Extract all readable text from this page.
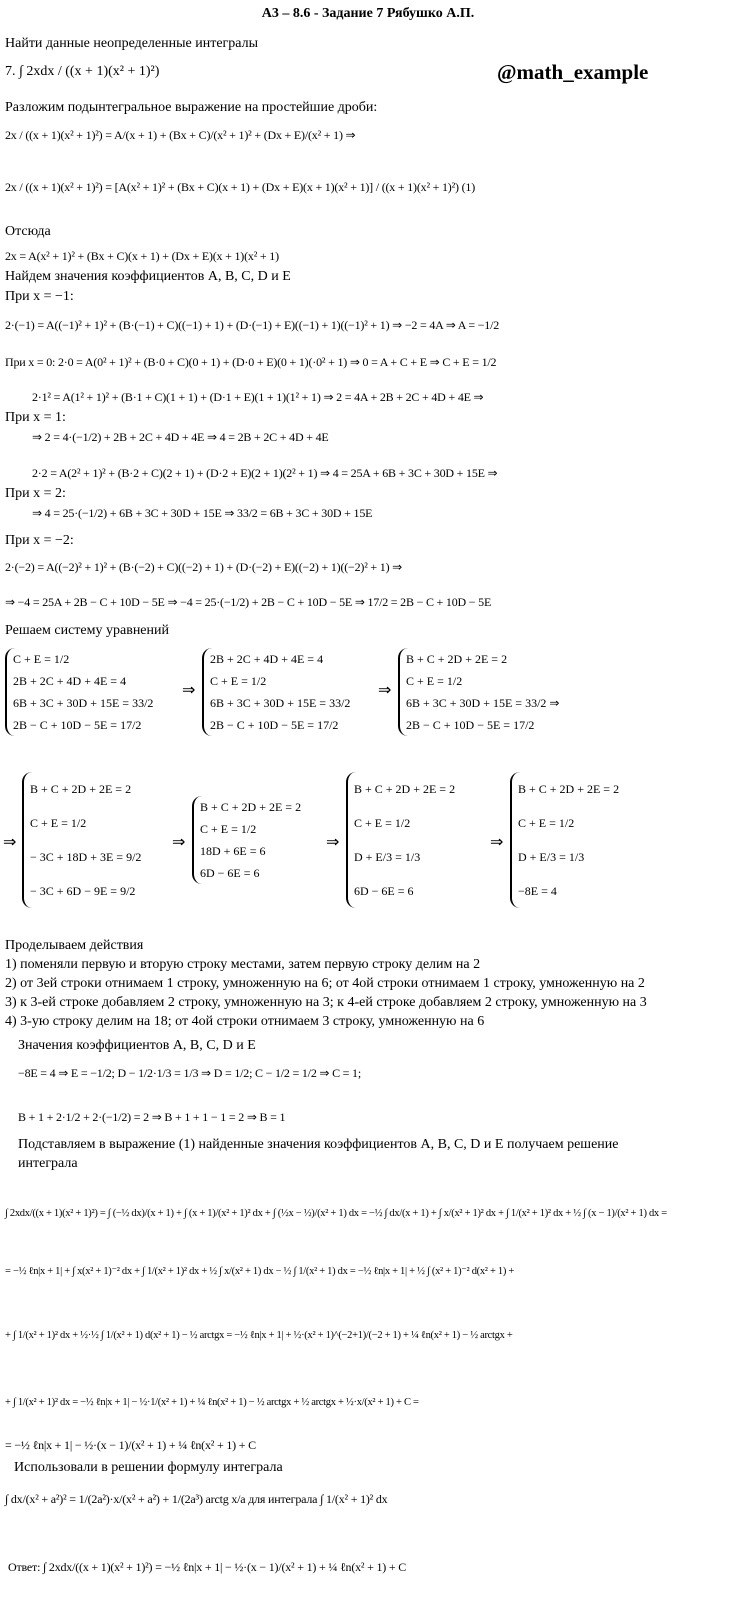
А3 – 8.6 - Задание 7 Рябушко А.П.
@math_example
Найти данные неопределенные интегралы
7. ∫ 2xdx / ((x + 1)(x² + 1)²)
Разложим подынтегральное выражение на простейшие дроби:
2x / ((x + 1)(x² + 1)²) = A/(x + 1) + (Bx + C)/(x² + 1)² + (Dx + E)/(x² + 1) ⇒
2x / ((x + 1)(x² + 1)²) = [A(x² + 1)² + (Bx + C)(x + 1) + (Dx + E)(x + 1)(x² + 1)] / ((x + 1)(x² + 1)²) (1)
Отсюда
2x = A(x² + 1)² + (Bx + C)(x + 1) + (Dx + E)(x + 1)(x² + 1)
Найдем значения коэффициентов A, B, C, D и E
При x = −1:
2·(−1) = A((−1)² + 1)² + (B·(−1) + C)((−1) + 1) + (D·(−1) + E)((−1) + 1)((−1)² + 1) ⇒ −2 = 4A ⇒ A = −1/2
При x = 0: 2·0 = A(0² + 1)² + (B·0 + C)(0 + 1) + (D·0 + E)(0 + 1)(·0² + 1) ⇒ 0 = A + C + E ⇒ C + E = 1/2
2·1² = A(1² + 1)² + (B·1 + C)(1 + 1) + (D·1 + E)(1 + 1)(1² + 1) ⇒ 2 = 4A + 2B + 2C + 4D + 4E ⇒
При x = 1:
⇒ 2 = 4·(−1/2) + 2B + 2C + 4D + 4E ⇒ 4 = 2B + 2C + 4D + 4E
2·2 = A(2² + 1)² + (B·2 + C)(2 + 1) + (D·2 + E)(2 + 1)(2² + 1) ⇒ 4 = 25A + 6B + 3C + 30D + 15E ⇒
При x = 2:
⇒ 4 = 25·(−1/2) + 6B + 3C + 30D + 15E ⇒ 33/2 = 6B + 3C + 30D + 15E
При x = −2:
2·(−2) = A((−2)² + 1)² + (B·(−2) + C)((−2) + 1) + (D·(−2) + E)((−2) + 1)((−2)² + 1) ⇒
⇒ −4 = 25A + 2B − C + 10D − 5E ⇒ −4 = 25·(−1/2) + 2B − C + 10D − 5E ⇒ 17/2 = 2B − C + 10D − 5E
Решаем систему уравнений
C + E = 1/2
2B + 2C + 4D + 4E = 4
6B + 3C + 30D + 15E = 33/2
2B − C + 10D − 5E = 17/2
⇒
2B + 2C + 4D + 4E = 4
C + E = 1/2
6B + 3C + 30D + 15E = 33/2
2B − C + 10D − 5E = 17/2
⇒
B + C + 2D + 2E = 2
C + E = 1/2
6B + 3C + 30D + 15E = 33/2 ⇒
2B − C + 10D − 5E = 17/2
⇒
B + C + 2D + 2E = 2
C + E = 1/2
− 3C + 18D + 3E = 9/2
− 3C + 6D − 9E = 9/2
⇒
B + C + 2D + 2E = 2
C + E = 1/2
18D + 6E = 6
6D − 6E = 6
⇒
B + C + 2D + 2E = 2
C + E = 1/2
D + E/3 = 1/3
6D − 6E = 6
⇒
B + C + 2D + 2E = 2
C + E = 1/2
D + E/3 = 1/3
−8E = 4
Проделываем действия
1) поменяли первую и вторую строку местами, затем первую строку делим на 2
2) от 3ей строки отнимаем 1 строку, умноженную на 6; от 4ой строки отнимаем 1 строку, умноженную на 2
3) к 3-ей строке добавляем 2 строку, умноженную на 3; к 4-ей строке добавляем 2 строку, умноженную на 3
4) 3-ую строку делим на 18; от 4ой строки отнимаем 3 строку, умноженную на 6
Значения коэффициентов A, B, C, D и E
−8E = 4 ⇒ E = −1/2; D − 1/2·1/3 = 1/3 ⇒ D = 1/2; C − 1/2 = 1/2 ⇒ C = 1;
B + 1 + 2·1/2 + 2·(−1/2) = 2 ⇒ B + 1 + 1 − 1 = 2 ⇒ B = 1
Подставляем в выражение (1) найденные значения коэффициентов A, B, C, D и E получаем решение
интеграла
∫ 2xdx/((x + 1)(x² + 1)²) = ∫ (−½ dx)/(x + 1) + ∫ (x + 1)/(x² + 1)² dx + ∫ (½x − ½)/(x² + 1) dx = −½ ∫ dx/(x + 1) + ∫ x/(x² + 1)² dx + ∫ 1/(x² + 1)² dx + ½ ∫ (x − 1)/(x² + 1) dx =
= −½ ℓn|x + 1| + ∫ x(x² + 1)⁻² dx + ∫ 1/(x² + 1)² dx + ½ ∫ x/(x² + 1) dx − ½ ∫ 1/(x² + 1) dx = −½ ℓn|x + 1| + ½ ∫ (x² + 1)⁻² d(x² + 1) +
+ ∫ 1/(x² + 1)² dx + ½·½ ∫ 1/(x² + 1) d(x² + 1) − ½ arctgx = −½ ℓn|x + 1| + ½·(x² + 1)^(−2+1)/(−2 + 1) + ¼ ℓn(x² + 1) − ½ arctgx +
+ ∫ 1/(x² + 1)² dx = −½ ℓn|x + 1| − ½·1/(x² + 1) + ¼ ℓn(x² + 1) − ½ arctgx + ½ arctgx + ½·x/(x² + 1) + C =
= −½ ℓn|x + 1| − ½·(x − 1)/(x² + 1) + ¼ ℓn(x² + 1) + C
Использовали в решении формулу интеграла
∫ dx/(x² + a²)² = 1/(2a²)·x/(x² + a²) + 1/(2a³) arctg x/a для интеграла ∫ 1/(x² + 1)² dx
Ответ: ∫ 2xdx/((x + 1)(x² + 1)²) = −½ ℓn|x + 1| − ½·(x − 1)/(x² + 1) + ¼ ℓn(x² + 1) + C
